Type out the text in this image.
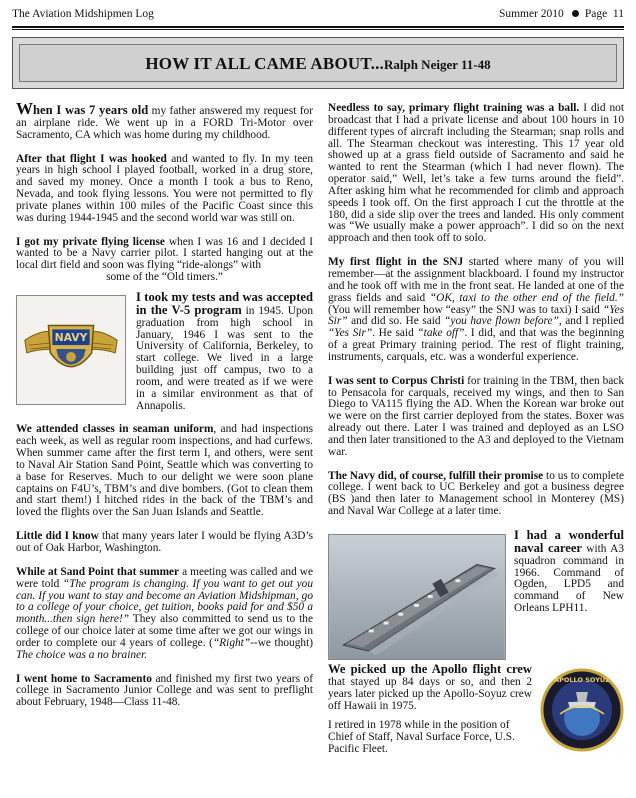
The Aviation Midshipmen Log	Summer 2010 Page  11
HOW IT ALL CAME ABOUT...Ralph Neiger 11-48

When I was 7 years old my father answered my request for an airplane ride. We went up in a FORD Tri-Motor over Sacramento, CA which was home during my childhood.

After that flight I was hooked and wanted to fly. In my teen years in high school I played football, worked in a drug store, and saved my money. Once a month I took a bus to Reno, Nevada, and took flying lessons. You were not permitted to fly private planes within 100 miles of the Pacific Coast since this was during 1944-1945 and the second world war was still on.

I got my private flying license when I was 16 and I decided I wanted to be a Navy carrier pilot. I started hanging out at the local dirt field and soon was flying “ride-alongs” with

some of the “Old timers.”

NAVY

I took my tests and was accepted in the V-5 program in 1945. Upon graduation from high school in January, 1946 I was sent to the University of California, Berkeley, to start college. We lived in a large building just off campus, two to a room, and were treated as if we were in a similar environment as that of Annapolis.

We attended classes in seaman uniform, and had inspections each week, as well as regular room inspections, and had curfews. When summer came after the first term I, and others, were sent to Naval Air Station Sand Point, Seattle which was converting to a base for Reserves. Much to our delight we were soon plane captains on F4U’s, TBM’s and dive bombers. (Got to clean them and start them!) I hitched rides in the back of the TBM’s and loved the flights over the San Juan Islands and Seattle.

Little did I know that many years later I would be flying A3D’s out of Oak Harbor, Washington.

While at Sand Point that summer a meeting was called and we were told “The program is changing. If you want to get out you can. If you want to stay and become an Aviation Midshipman, go to a college of your choice, get tuition, books paid for and $50 a month...then sign here!” They also committed to send us to the college of our choice later at some time after we got our wings in order to complete our 4 years of college. (“Right”--we thought) The choice was a no brainer.

I went home to Sacramento and finished my first two years of college in Sacramento Junior College and was sent to preflight about February, 1948—Class 11-48.

Needless to say, primary flight training was a ball. I did not broadcast that I had a private license and about 100 hours in 10 different types of aircraft including the Stearman; snap rolls and all. The Stearman checkout was interesting. This 17 year old showed up at a grass field outside of Sacramento and said he wanted to rent the Stearman (which I had never flown). The operator said,” Well, let’s take a few turns around the field”. After asking him what he recommended for climb and approach speeds I took off. On the first approach I cut the throttle at the 180, did a side slip over the trees and landed. His only comment was “We usually make a power approach”. I did so on the next approach and then took off to solo.

My first flight in the SNJ started where many of you will remember—at the assignment blackboard. I found my instructor and he took off with me in the front seat. He landed at one of the grass fields and said “OK, taxi to the other end of the field.” (You will remember how “easy” the SNJ was to taxi) I said “Yes Sir” and did so. He said “you have flown before”, and I replied “Yes Sir”. He said “take off”. I did, and that was the beginning of a great Primary training period. The rest of flight training, instruments, carquals, etc. was a wonderful experience.

I was sent to Corpus Christi for training in the TBM, then back to Pensacola for carquals, received my wings, and then to San Diego to VA115 flying the AD. When the Korean war broke out we were on the first carrier deployed from the states. Boxer was already out there. Later I was trained and deployed as an LSO and then later transitioned to the A3 and deployed to the Vietnam war.

The Navy did, of course, fulfill their promise to us to complete college. I went back to UC Berkeley and got a business degree (BS )and then later to Management school in Monterey (MS) and Naval War College at a later time.

I had a wonderful naval career with A3 squadron command in 1966. Command of Ogden, LPD5 and command of New Orleans LPH11.

APOLLO SOYUZ

We picked up the Apollo flight crew that stayed up 84 days or so, and then 2 years later picked up the Apollo-Soyuz crew off Hawaii in 1975.

I retired in 1978 while in the position of Chief of Staff, Naval Surface Force, U.S. Pacific Fleet.
